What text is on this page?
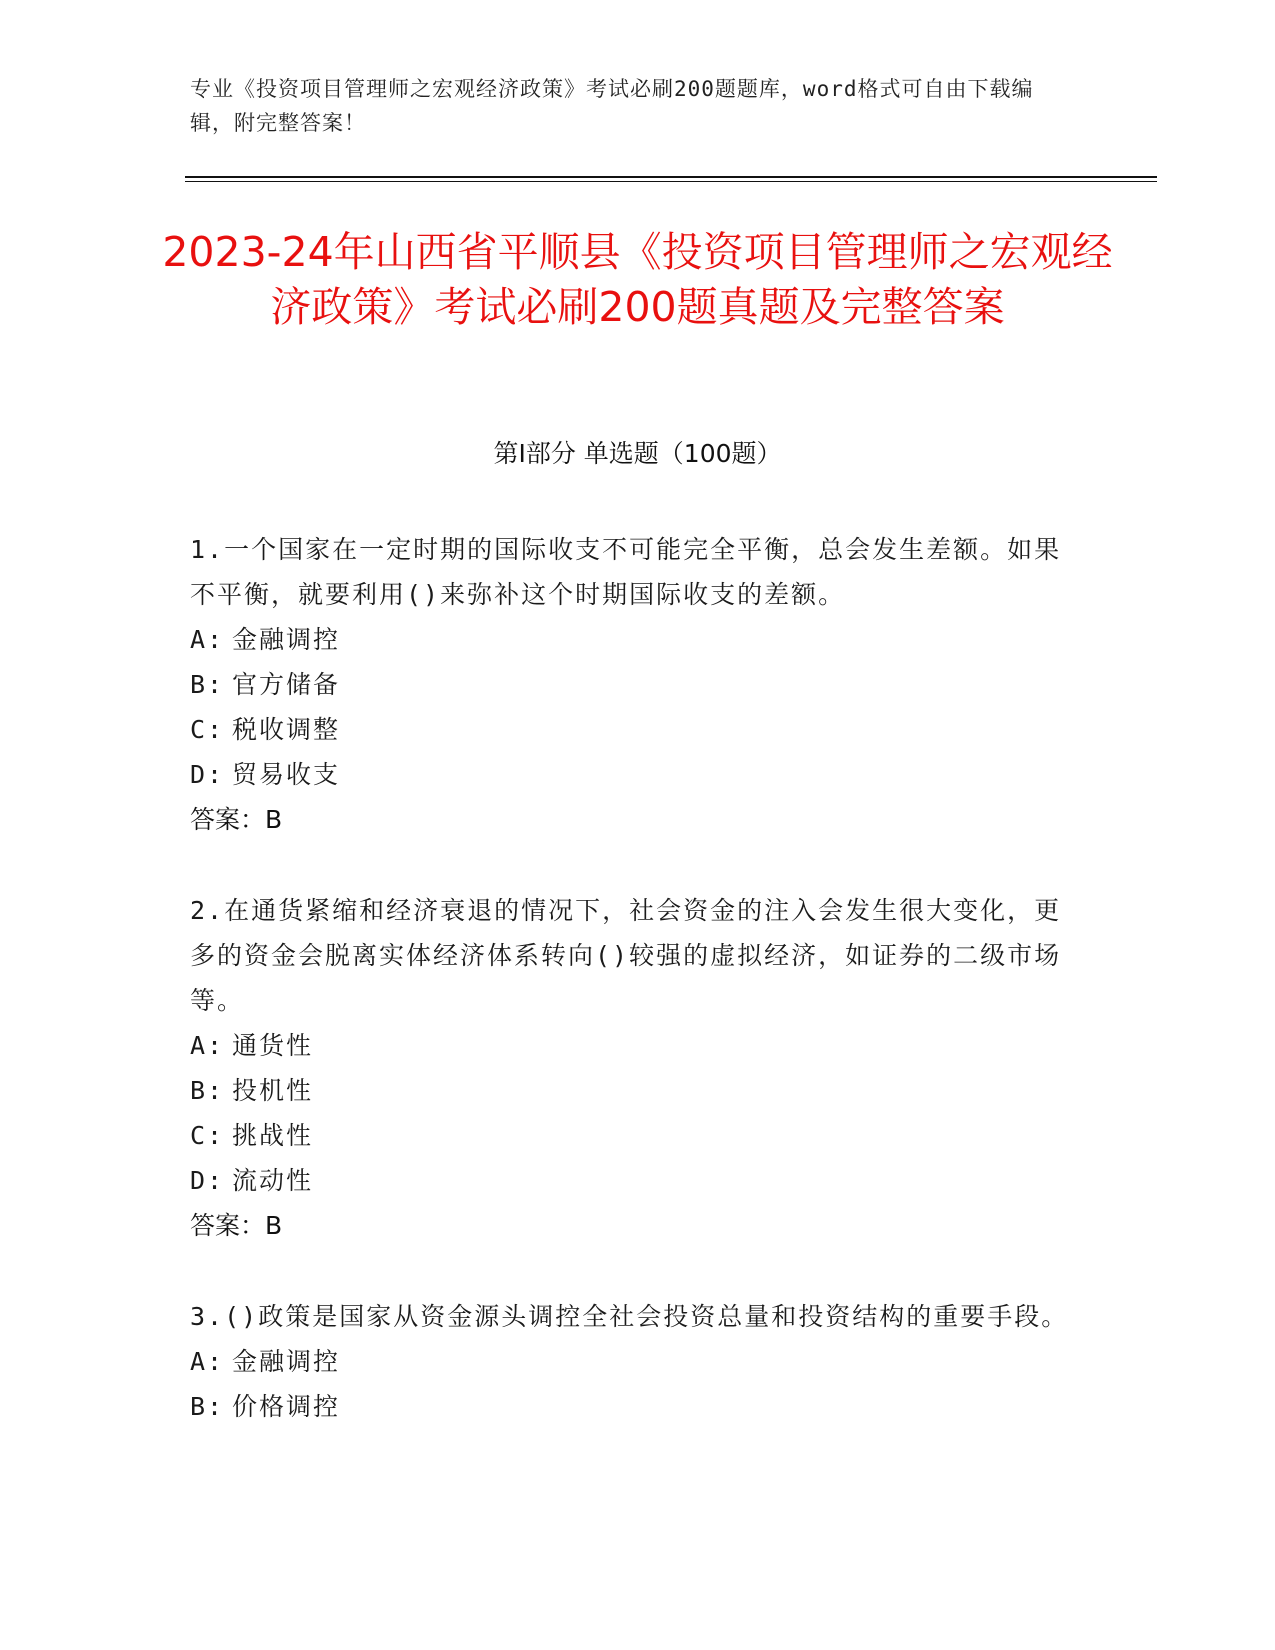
专业《投资项目管理师之宏观经济政策》考试必刷200题题库，word格式可自由下载编辑，附完整答案！
2023-24年山西省平顺县《投资项目管理师之宏观经济政策》考试必刷200题真题及完整答案
第I部分 单选题（100题）
1.一个国家在一定时期的国际收支不可能完全平衡，总会发生差额。如果不平衡，就要利用()来弥补这个时期国际收支的差额。
A: 金融调控
B: 官方储备
C: 税收调整
D: 贸易收支
答案：B
2.在通货紧缩和经济衰退的情况下，社会资金的注入会发生很大变化，更多的资金会脱离实体经济体系转向()较强的虚拟经济，如证券的二级市场等。
A: 通货性
B: 投机性
C: 挑战性
D: 流动性
答案：B
3.()政策是国家从资金源头调控全社会投资总量和投资结构的重要手段。
A: 金融调控
B: 价格调控
